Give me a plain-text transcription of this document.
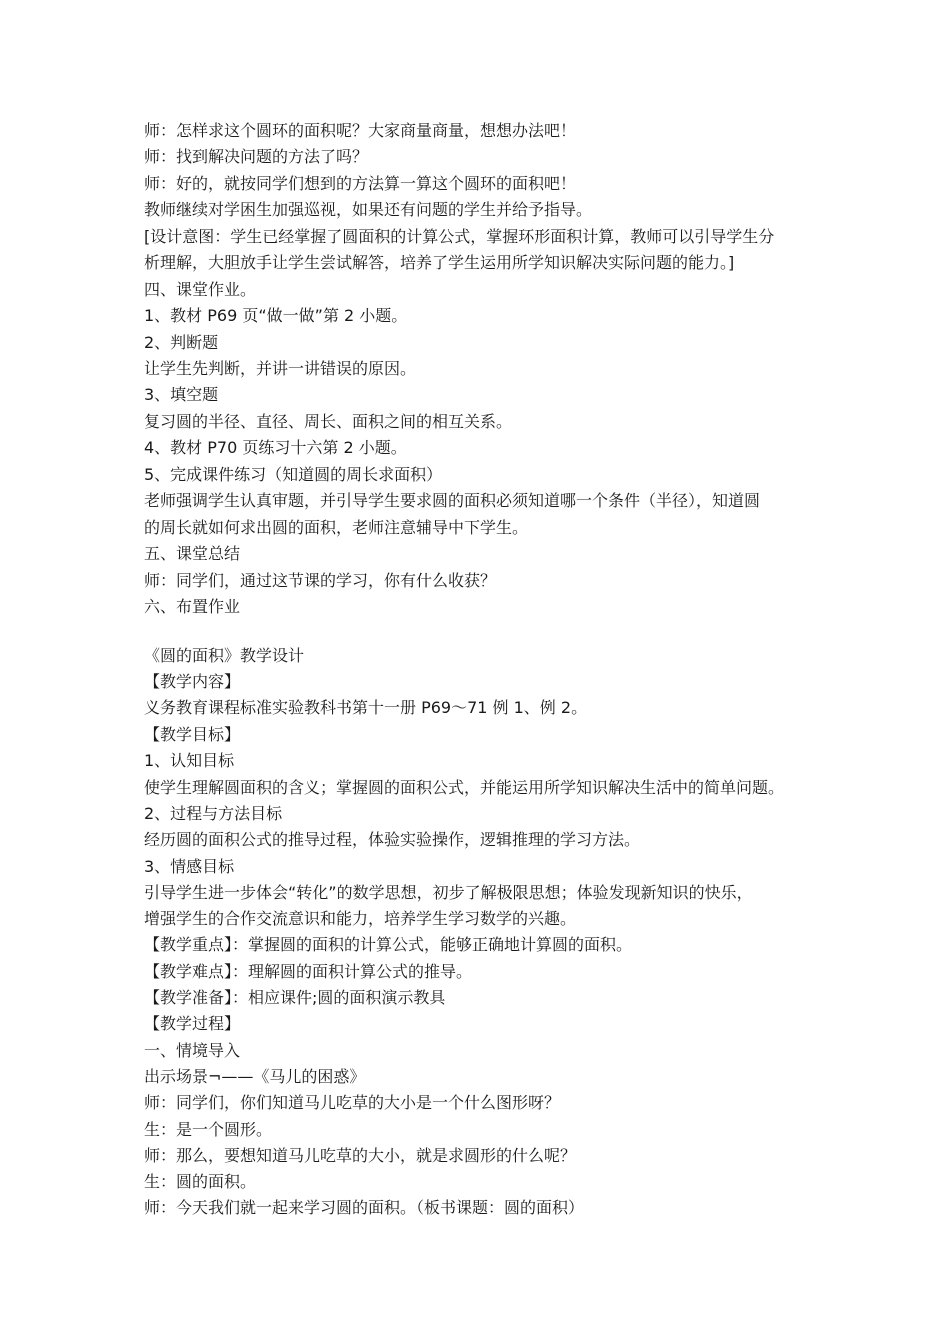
师：怎样求这个圆环的面积呢？大家商量商量，想想办法吧！
师：找到解决问题的方法了吗？
师：好的，就按同学们想到的方法算一算这个圆环的面积吧！
教师继续对学困生加强巡视，如果还有问题的学生并给予指导。
[设计意图：学生已经掌握了圆面积的计算公式，掌握环形面积计算，教师可以引导学生分
析理解，大胆放手让学生尝试解答，培养了学生运用所学知识解决实际问题的能力。]
四、课堂作业。
1、教材 P69 页“做一做”第 2 小题。
2、判断题
让学生先判断，并讲一讲错误的原因。
3、填空题
复习圆的半径、直径、周长、面积之间的相互关系。
4、教材 P70 页练习十六第 2 小题。
5、完成课件练习（知道圆的周长求面积）
老师强调学生认真审题，并引导学生要求圆的面积必须知道哪一个条件（半径），知道圆
的周长就如何求出圆的面积，老师注意辅导中下学生。
五、课堂总结
师：同学们，通过这节课的学习，你有什么收获？
六、布置作业
《圆的面积》教学设计
【教学内容】
义务教育课程标准实验教科书第十一册 P69～71 例 1、例 2。
【教学目标】
1、认知目标
使学生理解圆面积的含义；掌握圆的面积公式，并能运用所学知识解决生活中的简单问题。
2、过程与方法目标
经历圆的面积公式的推导过程，体验实验操作，逻辑推理的学习方法。
3、情感目标
引导学生进一步体会“转化”的数学思想，初步了解极限思想；体验发现新知识的快乐，
增强学生的合作交流意识和能力，培养学生学习数学的兴趣。
【教学重点】：掌握圆的面积的计算公式，能够正确地计算圆的面积。
【教学难点】：理解圆的面积计算公式的推导。
【教学准备】：相应课件;圆的面积演示教具
【教学过程】
一、情境导入
出示场景¬——《马儿的困惑》
师：同学们，你们知道马儿吃草的大小是一个什么图形呀？
生：是一个圆形。
师：那么，要想知道马儿吃草的大小，就是求圆形的什么呢？
生：圆的面积。
师：今天我们就一起来学习圆的面积。（板书课题：圆的面积）
